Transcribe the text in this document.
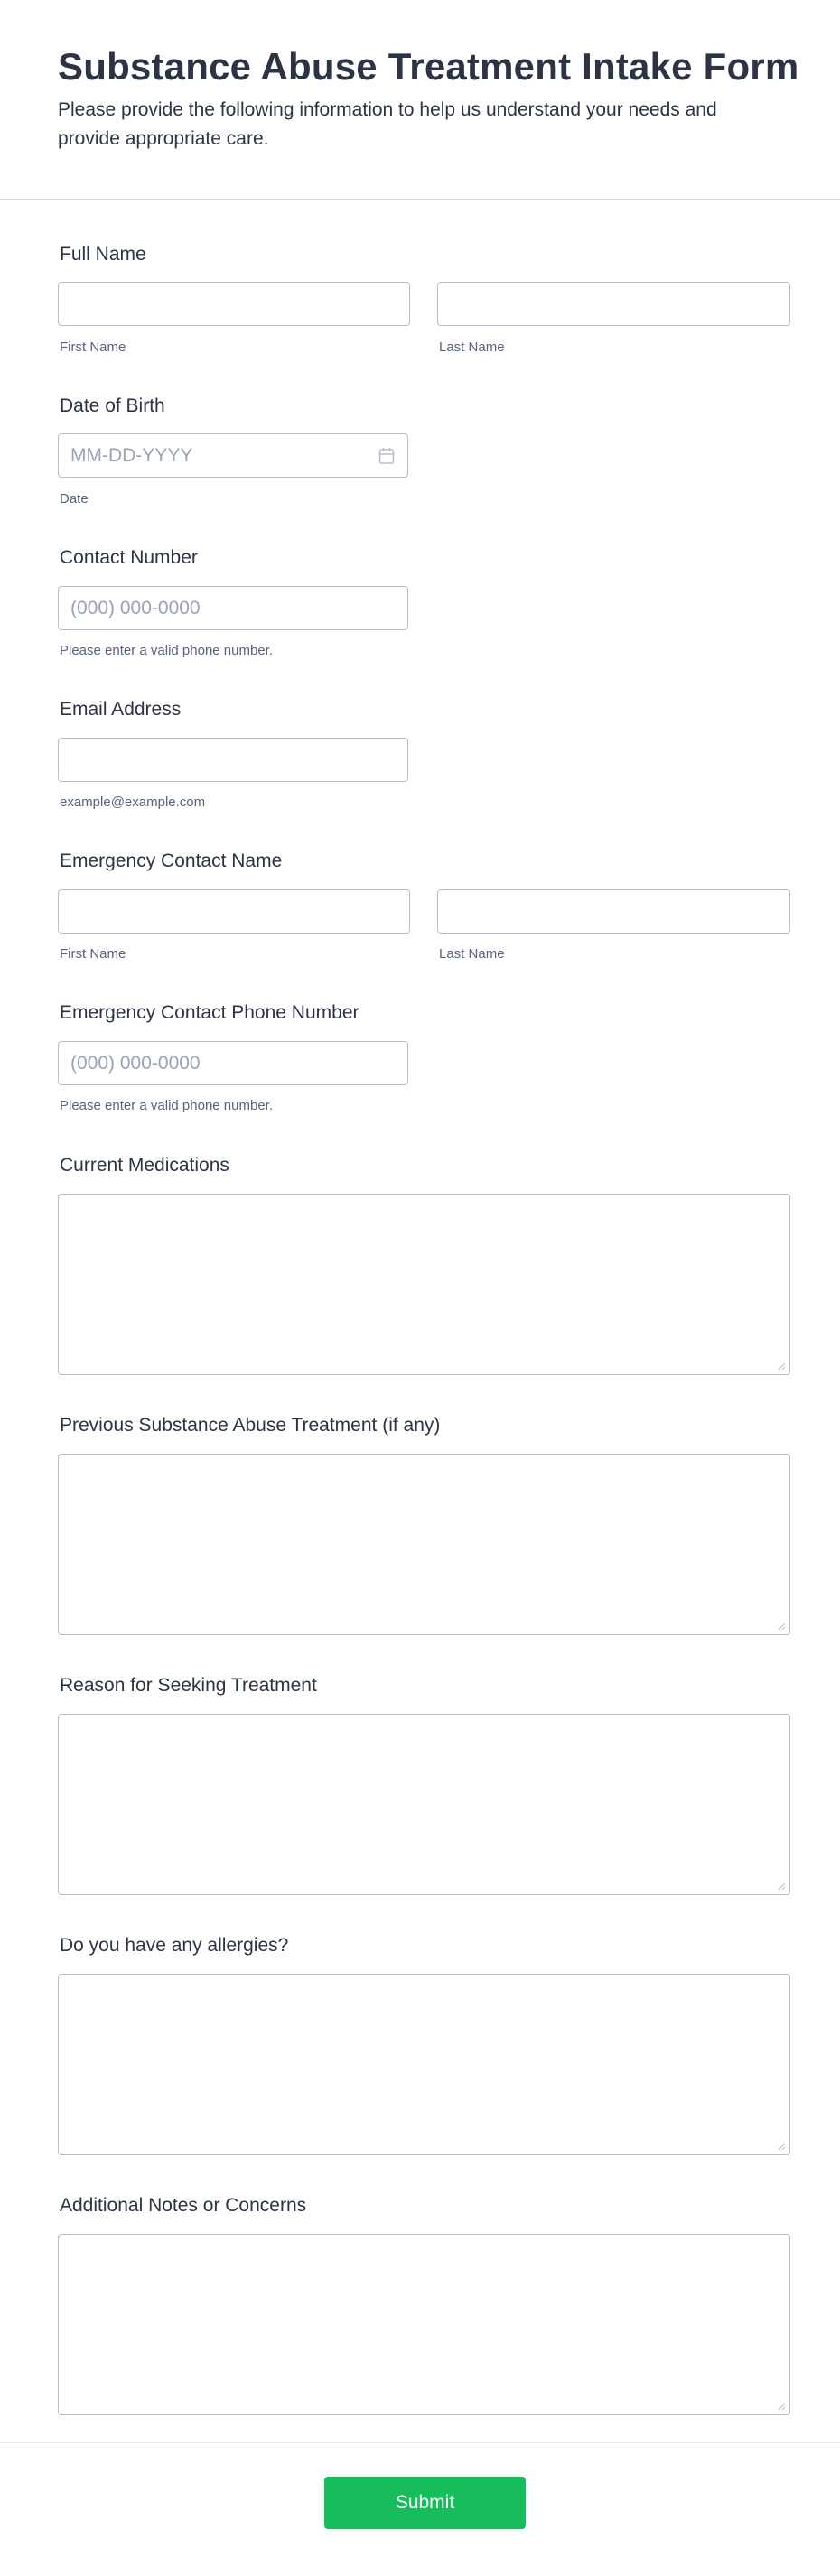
Substance Abuse Treatment Intake Form
Please provide the following information to help us understand your needs and provide appropriate care.
Full Name
First Name	Last Name
Date of Birth
MM-DD-YYYY
Date
Contact Number
(000) 000-0000
Please enter a valid phone number.
Email Address
example@example.com
Emergency Contact Name
First Name	Last Name
Emergency Contact Phone Number
(000) 000-0000
Please enter a valid phone number.
Current Medications
Previous Substance Abuse Treatment (if any)
Reason for Seeking Treatment
Do you have any allergies?
Additional Notes or Concerns
Submit
